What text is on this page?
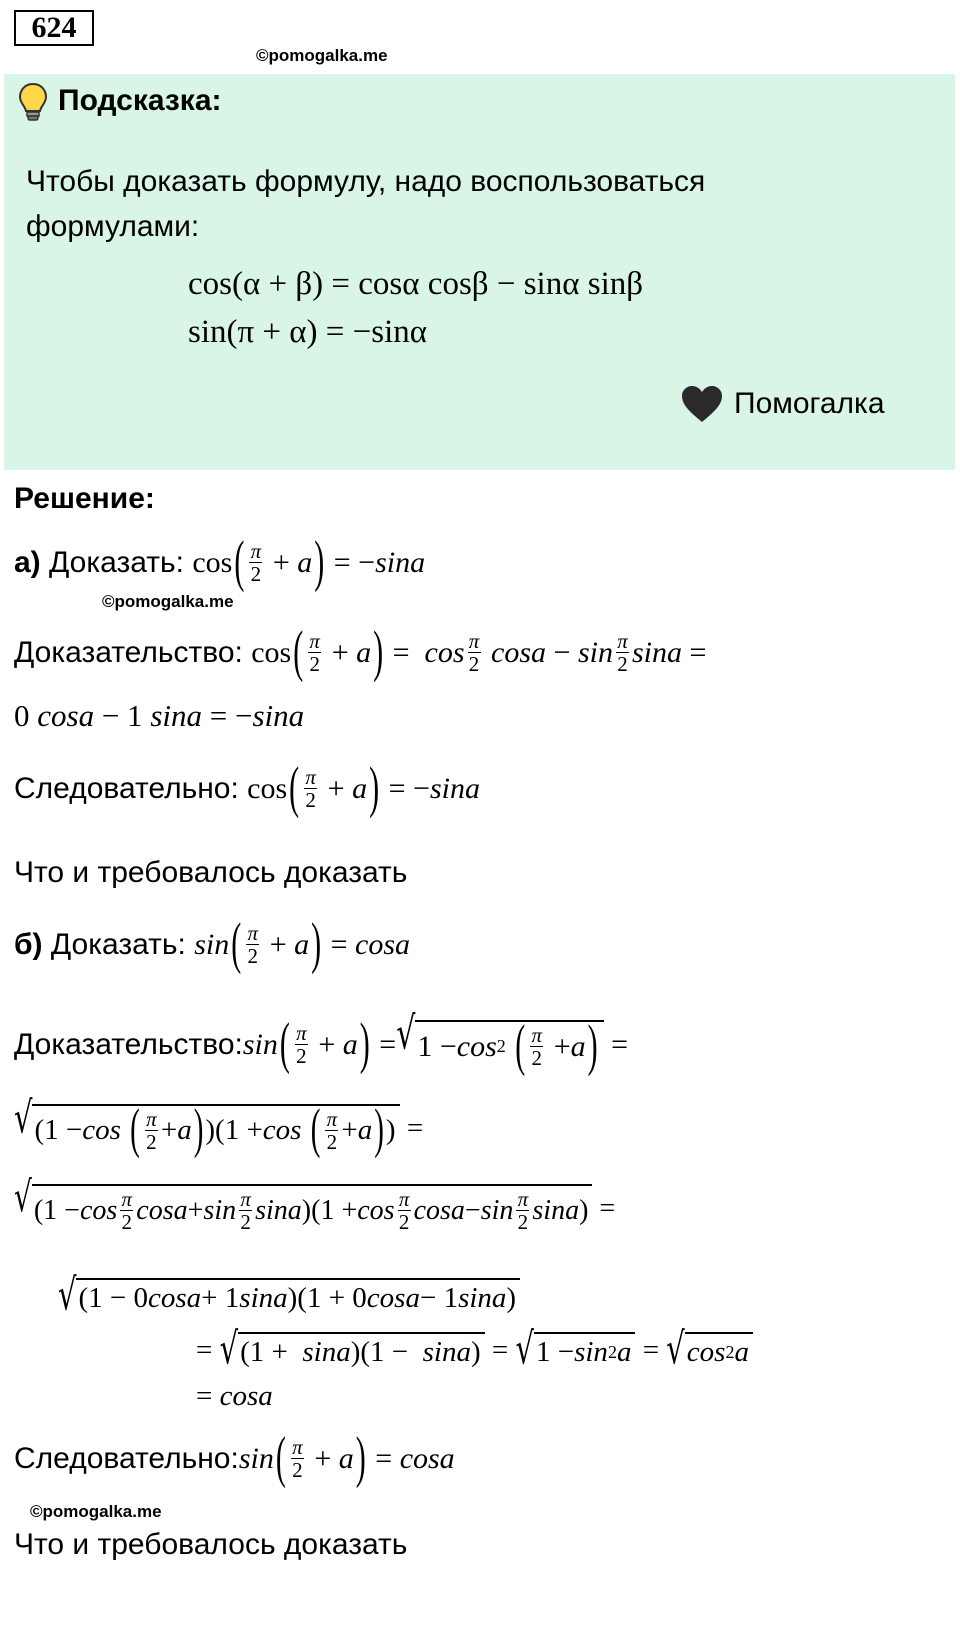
624
©pomogalka.me
Подсказка:
Чтобы доказать формулу, надо воспользоваться
формулами:
cos(α + β) = cosα cosβ − sinα sinβ
sin(π + α) = −sinα
Помогалка
Решение:
а)
Доказать:
cos ( $\frac{\pi}{2} + a$ ) = −sina
©pomogalka.me
Доказательство:
cos ( $\frac{\pi}{2} + a$ ) =  $\cos \frac{\pi}{2}$ $\cos a - \sin \frac{\pi}{2}$ sina =
0 cosa − 1 sina = −sina
Следовательно:
cos ( $\frac{\pi}{2} + a$ ) = −sina
Что и требовалось доказать
б)
Доказать:
sin ( $\frac{\pi}{2} + a$ ) = cosa
Доказательство: sin ( $\frac{\pi}{2} + a$ ) = √ 1 − cos 2
( $\frac{\pi}{2} + a$ ) =
√ (1 − cos
( $\frac{\pi}{2} + a$ ) )(1 + cos
( $\frac{\pi}{2} + a$ ) ) =
√ ($1 - \cos \frac{\pi}{2}$ $\cos a + \sin \frac{\pi}{2}$ sina )($1 + \cos \frac{\pi}{2}$ $\cos a - \sin \frac{\pi}{2}$ sina ) =
√ (1 − 0 cosa + 1 sina )(1 + 0 cosa − 1 sina )
= √ (1 + sina )(1 − sina ) = √ 1 − sin 2 a = √ cos 2 a
= cosa
Следовательно: sin ( $\frac{\pi}{2} + a$ ) = cosa
©pomogalka.me
Что и требовалось доказать
